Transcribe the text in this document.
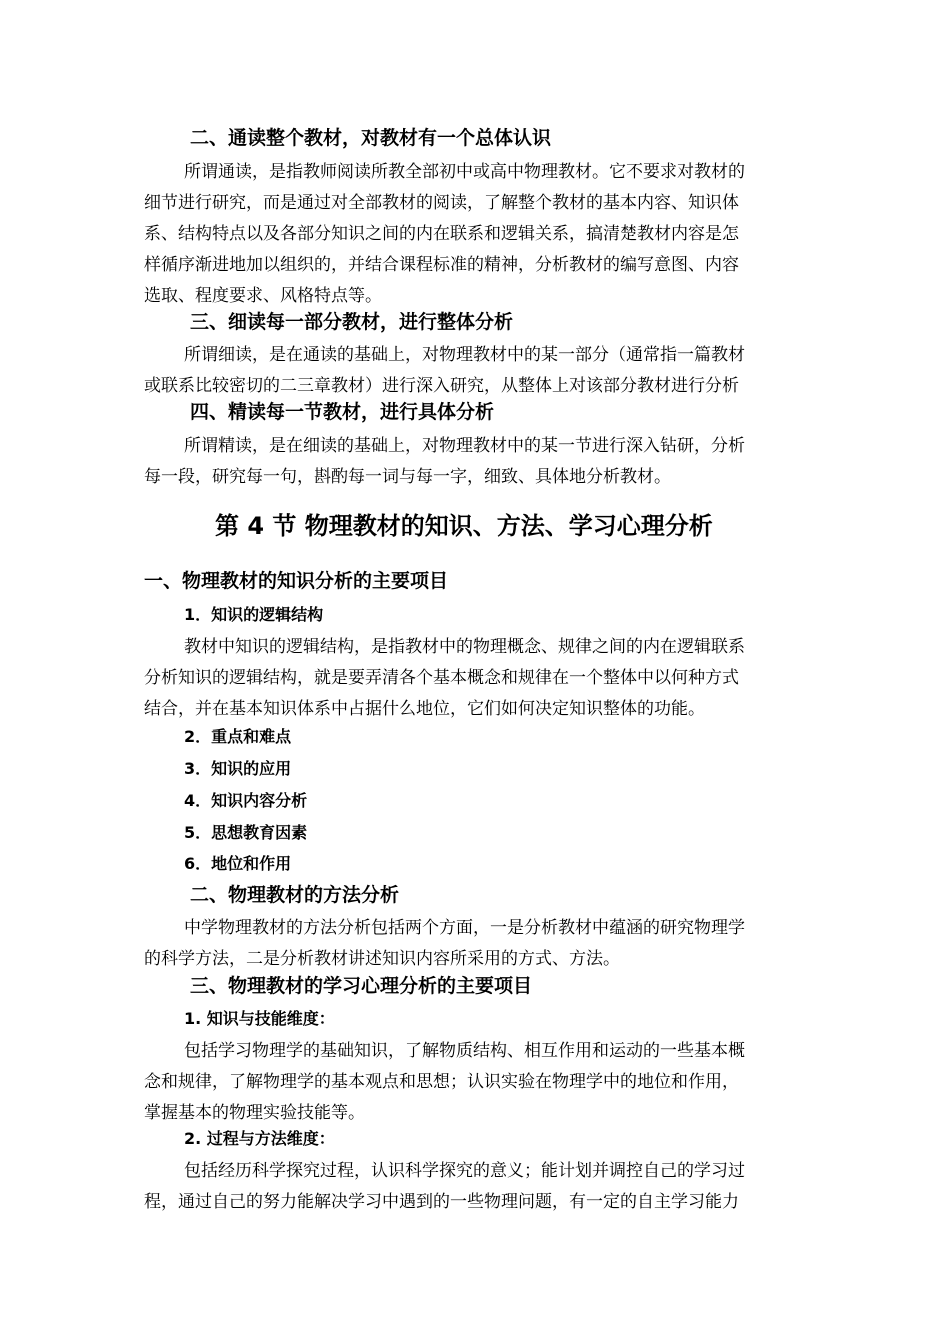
二、通读整个教材，对教材有一个总体认识
所谓通读，是指教师阅读所教全部初中或高中物理教材。它不要求对教材的
细节进行研究，而是通过对全部教材的阅读，了解整个教材的基本内容、知识体
系、结构特点以及各部分知识之间的内在联系和逻辑关系，搞清楚教材内容是怎
样循序渐进地加以组织的，并结合课程标准的精神，分析教材的编写意图、内容
选取、程度要求、风格特点等。
三、细读每一部分教材，进行整体分析
所谓细读，是在通读的基础上，对物理教材中的某一部分（通常指一篇教材
或联系比较密切的二三章教材）进行深入研究，从整体上对该部分教材进行分析
四、精读每一节教材，进行具体分析
所谓精读，是在细读的基础上，对物理教材中的某一节进行深入钻研，分析
每一段，研究每一句，斟酌每一词与每一字，细致、具体地分析教材。
第 4 节 物理教材的知识、方法、学习心理分析
一、物理教材的知识分析的主要项目
1．知识的逻辑结构
教材中知识的逻辑结构，是指教材中的物理概念、规律之间的内在逻辑联系
分析知识的逻辑结构，就是要弄清各个基本概念和规律在一个整体中以何种方式
结合，并在基本知识体系中占据什么地位，它们如何决定知识整体的功能。
2．重点和难点
3．知识的应用
4．知识内容分析
5．思想教育因素
6．地位和作用
二、物理教材的方法分析
中学物理教材的方法分析包括两个方面，一是分析教材中蕴涵的研究物理学
的科学方法，二是分析教材讲述知识内容所采用的方式、方法。
三、物理教材的学习心理分析的主要项目
1. 知识与技能维度：
包括学习物理学的基础知识，了解物质结构、相互作用和运动的一些基本概
念和规律，了解物理学的基本观点和思想；认识实验在物理学中的地位和作用，
掌握基本的物理实验技能等。
2. 过程与方法维度：
包括经历科学探究过程，认识科学探究的意义；能计划并调控自己的学习过
程，通过自己的努力能解决学习中遇到的一些物理问题，有一定的自主学习能力
